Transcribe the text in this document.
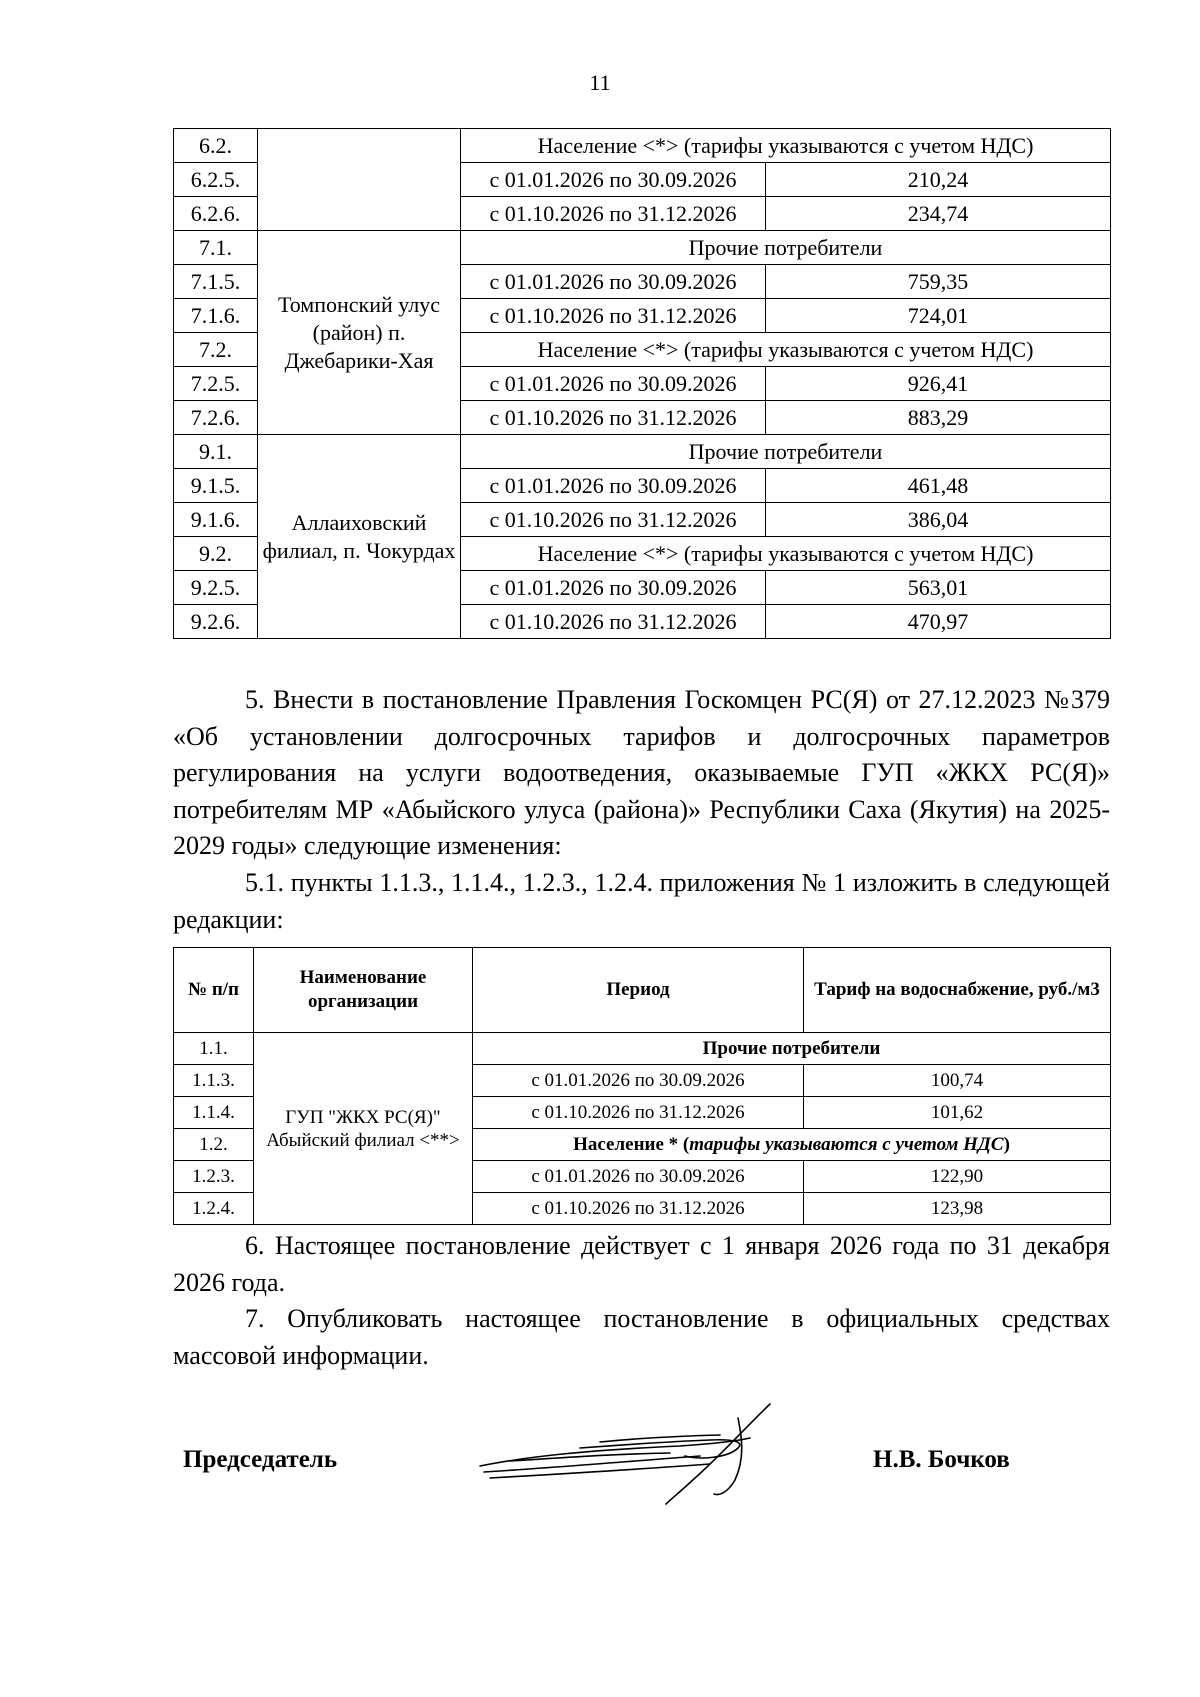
11
6.2.		Население <*> (тарифы указываются с учетом НДС)	
6.2.5.		с 01.01.2026 по 30.09.2026	210,24
6.2.6.		с 01.10.2026 по 31.12.2026	234,74
7.1.	Томпонский улус (район) п. Джебарики-Хая	Прочие потребители	
7.1.5.		с 01.01.2026 по 30.09.2026	759,35
7.1.6.		с 01.10.2026 по 31.12.2026	724,01
7.2.		Население <*> (тарифы указываются с учетом НДС)	
7.2.5.		с 01.01.2026 по 30.09.2026	926,41
7.2.6.		с 01.10.2026 по 31.12.2026	883,29
9.1.	Аллаиховский филиал, п. Чокурдах	Прочие потребители	
9.1.5.		с 01.01.2026 по 30.09.2026	461,48
9.1.6.		с 01.10.2026 по 31.12.2026	386,04
9.2.		Население <*> (тарифы указываются с учетом НДС)	
9.2.5.		с 01.01.2026 по 30.09.2026	563,01
9.2.6.		с 01.10.2026 по 31.12.2026	470,97
5. Внести в постановление Правления Госкомцен РС(Я) от 27.12.2023 №379 «Об установлении долгосрочных тарифов и долгосрочных параметров регулирования на услуги водоотведения, оказываемые ГУП «ЖКХ РС(Я)» потребителям МР «Абыйского улуса (района)» Республики Саха (Якутия) на 2025-2029 годы» следующие изменения:
5.1. пункты 1.1.3., 1.1.4., 1.2.3., 1.2.4. приложения № 1 изложить в следующей редакции:
№ п/п	Наименование организации	Период	Тариф на водоснабжение, руб./м3
1.1.	ГУП "ЖКХ РС(Я)" Абыйский филиал <**>	Прочие потребители	
1.1.3.		с 01.01.2026 по 30.09.2026	100,74
1.1.4.		с 01.10.2026 по 31.12.2026	101,62
1.2.		Население * (тарифы указываются с учетом НДС)	
1.2.3.		с 01.01.2026 по 30.09.2026	122,90
1.2.4.		с 01.10.2026 по 31.12.2026	123,98
6. Настоящее постановление действует с 1 января 2026 года по 31 декабря 2026 года.
7. Опубликовать настоящее постановление в официальных средствах массовой информации.
Председатель	Н.В. Бочков
